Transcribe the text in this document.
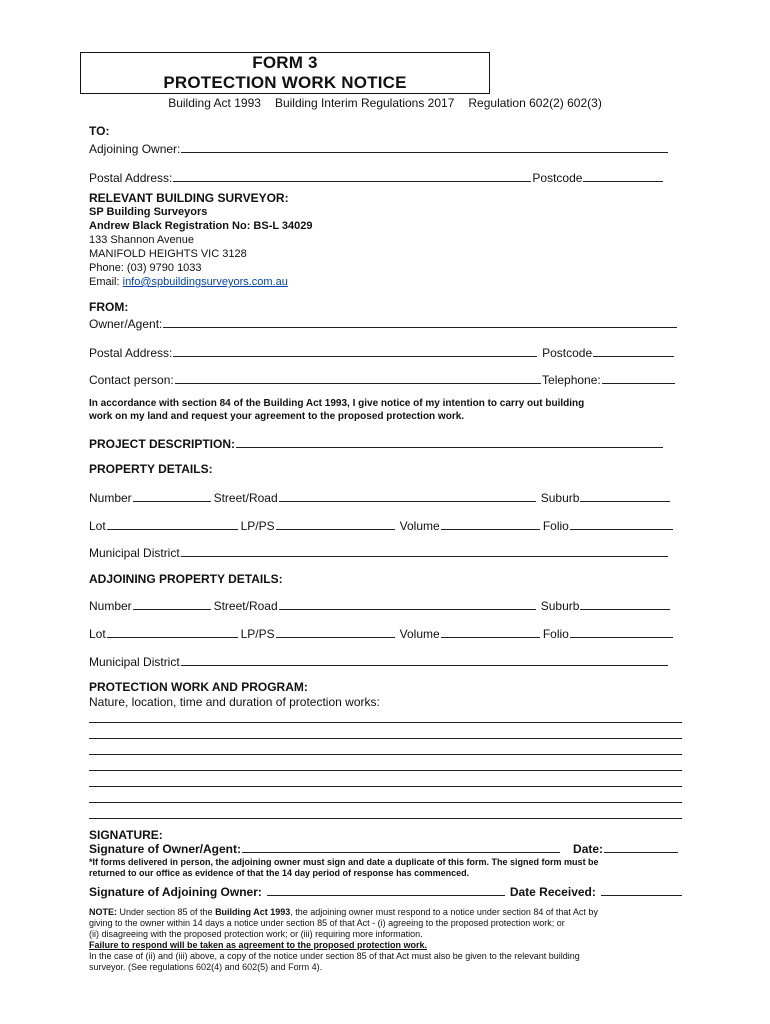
FORM 3
PROTECTION WORK NOTICE
Building Act 1993 Building Interim Regulations 2017 Regulation 602(2) 602(3)
TO:
Adjoining Owner:
Postal Address:	Postcode
RELEVANT BUILDING SURVEYOR:
SP Building Surveyors
Andrew Black Registration No: BS-L 34029
133 Shannon Avenue
MANIFOLD HEIGHTS VIC 3128
Phone: (03) 9790 1033
Email: info@spbuildingsurveyors.com.au
FROM:
Owner/Agent:
Postal Address:	Postcode
Contact person:	Telephone:
In accordance with section 84 of the Building Act 1993, I give notice of my intention to carry out building
work on my land and request your agreement to the proposed protection work.
PROJECT DESCRIPTION:
PROPERTY DETAILS:
Number	Street/Road	Suburb
Lot	LP/PS	Volume	Folio
Municipal District
ADJOINING PROPERTY DETAILS:
Number	Street/Road	Suburb
Lot	LP/PS	Volume	Folio
Municipal District
PROTECTION WORK AND PROGRAM:
Nature, location, time and duration of protection works:
SIGNATURE:
Signature of Owner/Agent:	Date:
*If forms delivered in person, the adjoining owner must sign and date a duplicate of this form. The signed form must be
returned to our office as evidence of that the 14 day period of response has commenced.
Signature of Adjoining Owner:	Date Received:
NOTE: Under section 85 of the Building Act 1993, the adjoining owner must respond to a notice under section 84 of that Act by
giving to the owner within 14 days a notice under section 85 of that Act - (i) agreeing to the proposed protection work; or
(ii) disagreeing with the proposed protection work; or (iii) requiring more information.
Failure to respond will be taken as agreement to the proposed protection work.
In the case of (ii) and (iii) above, a copy of the notice under section 85 of that Act must also be given to the relevant building
surveyor. (See regulations 602(4) and 602(5) and Form 4).
